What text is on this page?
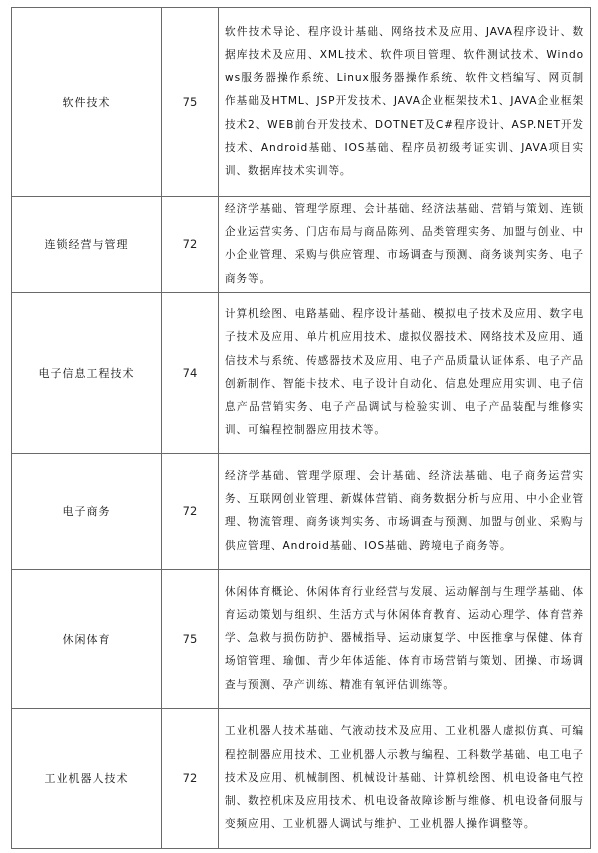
软件技术	75	软件技术导论、程序设计基础、网络技术及应用、JAVA程序设计、数据库技术及应用、XML技术、软件项目管理、软件测试技术、Windows服务器操作系统、Linux服务器操作系统、软件文档编写、网页制作基础及HTML、JSP开发技术、JAVA企业框架技术1、JAVA企业框架技术2、WEB前台开发技术、DOTNET及C#程序设计、ASP.NET开发技术、Android基础、IOS基础、程序员初级考证实训、JAVA项目实训、数据库技术实训等。
连锁经营与管理	72	经济学基础、管理学原理、会计基础、经济法基础、营销与策划、连锁企业运营实务、门店布局与商品陈列、品类管理实务、加盟与创业、中小企业管理、采购与供应管理、市场调查与预测、商务谈判实务、电子商务等。
电子信息工程技术	74	计算机绘图、电路基础、程序设计基础、模拟电子技术及应用、数字电子技术及应用、单片机应用技术、虚拟仪器技术、网络技术及应用、通信技术与系统、传感器技术及应用、电子产品质量认证体系、电子产品创新制作、智能卡技术、电子设计自动化、信息处理应用实训、电子信息产品营销实务、电子产品调试与检验实训、电子产品装配与维修实训、可编程控制器应用技术等。
电子商务	72	经济学基础、管理学原理、会计基础、经济法基础、电子商务运营实务、互联网创业管理、新媒体营销、商务数据分析与应用、中小企业管理、物流管理、商务谈判实务、市场调查与预测、加盟与创业、采购与供应管理、Android基础、IOS基础、跨境电子商务等。
休闲体育	75	休闲体育概论、休闲体育行业经营与发展、运动解剖与生理学基础、体育运动策划与组织、生活方式与休闲体育教育、运动心理学、体育营养学、急救与损伤防护、器械指导、运动康复学、中医推拿与保健、体育场馆管理、瑜伽、青少年体适能、体育市场营销与策划、团操、市场调查与预测、孕产训练、精准有氧评估训练等。
工业机器人技术	72	工业机器人技术基础、气液动技术及应用、工业机器人虚拟仿真、可编程控制器应用技术、工业机器人示教与编程、工科数学基础、电工电子技术及应用、机械制图、机械设计基础、计算机绘图、机电设备电气控制、数控机床及应用技术、机电设备故障诊断与维修、机电设备伺服与变频应用、工业机器人调试与维护、工业机器人操作调整等。
